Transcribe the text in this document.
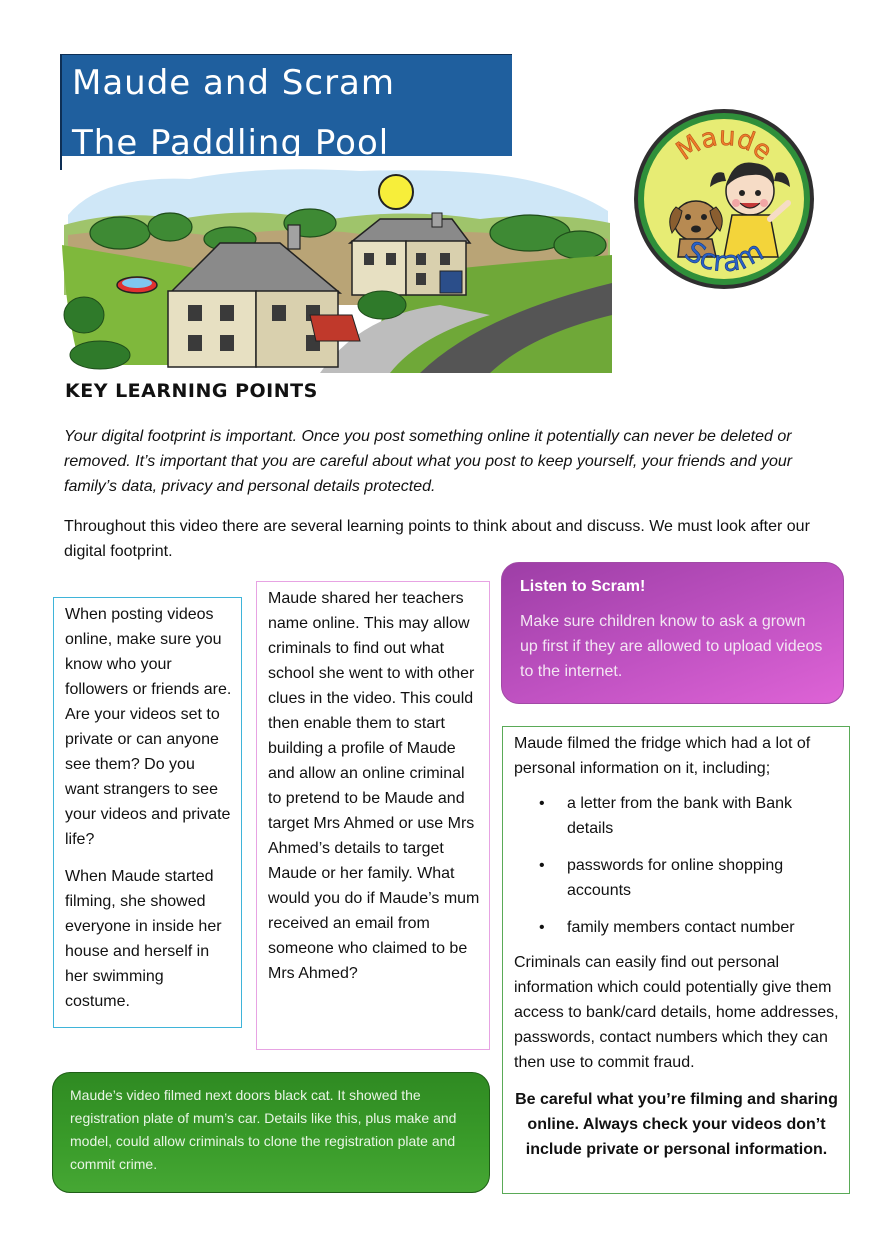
Maude and Scram
The Paddling Pool	Maude
Scram
KEY LEARNING POINTS

Your digital footprint is important. Once you post something online it potentially can never be deleted or removed. It’s important that you are careful about what you post to keep yourself, your friends and your family’s data, privacy and personal details protected.

Throughout this video there are several learning points to think about and discuss. We must look after our digital footprint.

When posting videos online, make sure you know who your followers or friends are. Are your videos set to private or can anyone see them? Do you want strangers to see your videos and private life?

When Maude started filming, she showed everyone in inside her house and herself in her swimming costume.

Maude shared her teachers name online. This may allow criminals to find out what school she went to with other clues in the video. This could then enable them to start building a profile of Maude and allow an online criminal to pretend to be Maude and target Mrs Ahmed or use Mrs Ahmed’s details to target Maude or her family. What would you do if Maude’s mum received an email from someone who claimed to be Mrs Ahmed?

Listen to Scram!
Make sure children know to ask a grown up first if they are allowed to upload videos to the internet.

Maude filmed the fridge which had a lot of personal information on it, including;

• a letter from the bank with Bank details
• passwords for online shopping accounts
• family members contact number

Criminals can easily find out personal information which could potentially give them access to bank/card details, home addresses, passwords, contact numbers which they can then use to commit fraud.

Be careful what you’re filming and sharing online. Always check your videos don’t include private or personal information.

Maude’s video filmed next doors black cat. It showed the registration plate of mum’s car. Details like this, plus make and model, could allow criminals to clone the registration plate and commit crime.
